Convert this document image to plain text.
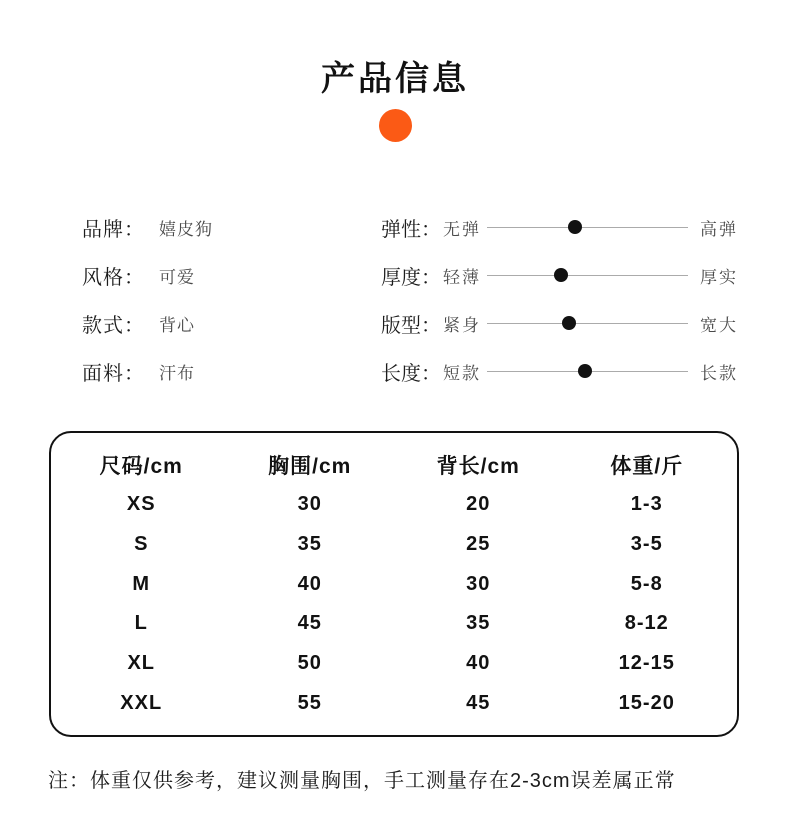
产品信息
品牌： 嬉皮狗
风格： 可爱
款式： 背心
面料： 汗布
弹性： 无弹	高弹
厚度： 轻薄	厚实
版型： 紧身	宽大
长度： 短款	长款
尺码/cm	胸围/cm	背长/cm	体重/斤
XS	30	20	1-3
S	35	25	3-5
M	40	30	5-8
L	45	35	8-12
XL	50	40	12-15
XXL	55	45	15-20

注：体重仅供参考，建议测量胸围，手工测量存在2-3cm误差属正常
